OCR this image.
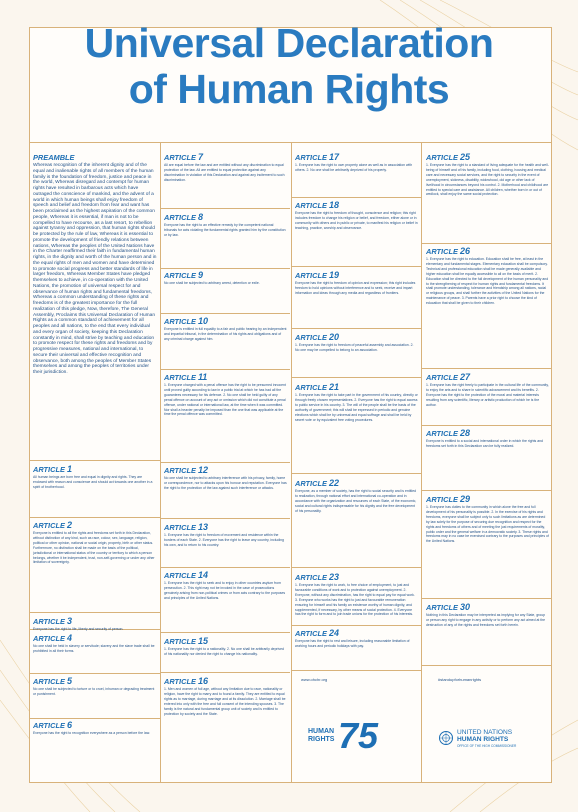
Universal Declaration
of Human Rights
PREAMBLE
Whereas recognition of the inherent dignity and of the equal and inalienable rights of all members of the human family is the foundation of freedom, justice and peace in the world, Whereas disregard and contempt for human rights have resulted in barbarous acts which have outraged the conscience of mankind, and the advent of a world in which human beings shall enjoy freedom of speech and belief and freedom from fear and want has been proclaimed as the highest aspiration of the common people, Whereas it is essential, if man is not to be compelled to have recourse, as a last resort, to rebellion against tyranny and oppression, that human rights should be protected by the rule of law, Whereas it is essential to promote the development of friendly relations between nations, Whereas the peoples of the United Nations have in the Charter reaffirmed their faith in fundamental human rights, in the dignity and worth of the human person and in the equal rights of men and women and have determined to promote social progress and better standards of life in larger freedom, Whereas Member States have pledged themselves to achieve, in co-operation with the United Nations, the promotion of universal respect for and observance of human rights and fundamental freedoms, Whereas a common understanding of these rights and freedoms is of the greatest importance for the full realization of this pledge, Now, therefore, The General Assembly, Proclaims this Universal Declaration of Human Rights as a common standard of achievement for all peoples and all nations, to the end that every individual and every organ of society, keeping this Declaration constantly in mind, shall strive by teaching and education to promote respect for these rights and freedoms and by progressive measures, national and international, to secure their universal and effective recognition and observance, both among the peoples of Member States themselves and among the peoples of territories under their jurisdiction.
ARTICLE 1
All human beings are born free and equal in dignity and rights. They are endowed with reason and conscience and should act towards one another in a spirit of brotherhood.
ARTICLE 2
Everyone is entitled to all the rights and freedoms set forth in this Declaration, without distinction of any kind, such as race, colour, sex, language, religion, political or other opinion, national or social origin, property, birth or other status. Furthermore, no distinction shall be made on the basis of the political, jurisdictional or international status of the country or territory to which a person belongs, whether it be independent, trust, non-self-governing or under any other limitation of sovereignty.
ARTICLE 3
Everyone has the right to life, liberty and security of person.
ARTICLE 4
No one shall be held in slavery or servitude; slavery and the slave trade shall be prohibited in all their forms.
ARTICLE 5
No one shall be subjected to torture or to cruel, inhuman or degrading treatment or punishment.
ARTICLE 6
Everyone has the right to recognition everywhere as a person before the law.
ARTICLE 7
All are equal before the law and are entitled without any discrimination to equal protection of the law. All are entitled to equal protection against any discrimination in violation of this Declaration and against any incitement to such discrimination.
ARTICLE 8
Everyone has the right to an effective remedy by the competent national tribunals for acts violating the fundamental rights granted him by the constitution or by law.
ARTICLE 9
No one shall be subjected to arbitrary arrest, detention or exile.
ARTICLE 10
Everyone is entitled in full equality to a fair and public hearing by an independent and impartial tribunal, in the determination of his rights and obligations and of any criminal charge against him.
ARTICLE 11
1. Everyone charged with a penal offence has the right to be presumed innocent until proved guilty according to law in a public trial at which he has had all the guarantees necessary for his defence. 2. No one shall be held guilty of any penal offence on account of any act or omission which did not constitute a penal offence, under national or international law, at the time when it was committed. Nor shall a heavier penalty be imposed than the one that was applicable at the time the penal offence was committed.
ARTICLE 12
No one shall be subjected to arbitrary interference with his privacy, family, home or correspondence, nor to attacks upon his honour and reputation. Everyone has the right to the protection of the law against such interference or attacks.
ARTICLE 13
1. Everyone has the right to freedom of movement and residence within the borders of each State. 2. Everyone has the right to leave any country, including his own, and to return to his country.
ARTICLE 14
1. Everyone has the right to seek and to enjoy in other countries asylum from persecution. 2. This right may not be invoked in the case of prosecutions genuinely arising from non-political crimes or from acts contrary to the purposes and principles of the United Nations.
ARTICLE 15
1. Everyone has the right to a nationality. 2. No one shall be arbitrarily deprived of his nationality nor denied the right to change his nationality.
ARTICLE 16
1. Men and women of full age, without any limitation due to race, nationality or religion, have the right to marry and to found a family. They are entitled to equal rights as to marriage, during marriage and at its dissolution. 2. Marriage shall be entered into only with the free and full consent of the intending spouses. 3. The family is the natural and fundamental group unit of society and is entitled to protection by society and the State.
ARTICLE 17
1. Everyone has the right to own property alone as well as in association with others. 2. No one shall be arbitrarily deprived of his property.
ARTICLE 18
Everyone has the right to freedom of thought, conscience and religion; this right includes freedom to change his religion or belief, and freedom, either alone or in community with others and in public or private, to manifest his religion or belief in teaching, practice, worship and observance.
ARTICLE 19
Everyone has the right to freedom of opinion and expression; this right includes freedom to hold opinions without interference and to seek, receive and impart information and ideas through any media and regardless of frontiers.
ARTICLE 20
1. Everyone has the right to freedom of peaceful assembly and association. 2. No one may be compelled to belong to an association.
ARTICLE 21
1. Everyone has the right to take part in the government of his country, directly or through freely chosen representatives. 2. Everyone has the right to equal access to public service in his country. 3. The will of the people shall be the basis of the authority of government; this will shall be expressed in periodic and genuine elections which shall be by universal and equal suffrage and shall be held by secret vote or by equivalent free voting procedures.
ARTICLE 22
Everyone, as a member of society, has the right to social security and is entitled to realization, through national effort and international co-operation and in accordance with the organization and resources of each State, of the economic, social and cultural rights indispensable for his dignity and the free development of his personality.
ARTICLE 23
1. Everyone has the right to work, to free choice of employment, to just and favourable conditions of work and to protection against unemployment. 2. Everyone, without any discrimination, has the right to equal pay for equal work. 3. Everyone who works has the right to just and favourable remuneration ensuring for himself and his family an existence worthy of human dignity, and supplemented, if necessary, by other means of social protection. 4. Everyone has the right to form and to join trade unions for the protection of his interests.
ARTICLE 24
Everyone has the right to rest and leisure, including reasonable limitation of working hours and periodic holidays with pay.
ARTICLE 25
1. Everyone has the right to a standard of living adequate for the health and well-being of himself and of his family, including food, clothing, housing and medical care and necessary social services, and the right to security in the event of unemployment, sickness, disability, widowhood, old age or other lack of livelihood in circumstances beyond his control. 2. Motherhood and childhood are entitled to special care and assistance. All children, whether born in or out of wedlock, shall enjoy the same social protection.
ARTICLE 26
1. Everyone has the right to education. Education shall be free, at least in the elementary and fundamental stages. Elementary education shall be compulsory. Technical and professional education shall be made generally available and higher education shall be equally accessible to all on the basis of merit. 2. Education shall be directed to the full development of the human personality and to the strengthening of respect for human rights and fundamental freedoms. It shall promote understanding, tolerance and friendship among all nations, racial or religious groups, and shall further the activities of the United Nations for the maintenance of peace. 3. Parents have a prior right to choose the kind of education that shall be given to their children.
ARTICLE 27
1. Everyone has the right freely to participate in the cultural life of the community, to enjoy the arts and to share in scientific advancement and its benefits. 2. Everyone has the right to the protection of the moral and material interests resulting from any scientific, literary or artistic production of which he is the author.
ARTICLE 28
Everyone is entitled to a social and international order in which the rights and freedoms set forth in this Declaration can be fully realized.
ARTICLE 29
1. Everyone has duties to the community in which alone the free and full development of his personality is possible. 2. In the exercise of his rights and freedoms, everyone shall be subject only to such limitations as are determined by law solely for the purpose of securing due recognition and respect for the rights and freedoms of others and of meeting the just requirements of morality, public order and the general welfare in a democratic society. 3. These rights and freedoms may in no case be exercised contrary to the purposes and principles of the United Nations.
ARTICLE 30
Nothing in this Declaration may be interpreted as implying for any State, group or person any right to engage in any activity or to perform any act aimed at the destruction of any of the rights and freedoms set forth herein.
www.ohchr.org	#standupforhumanrights
HUMAN
RIGHTS 75	UNITED NATIONS
HUMAN RIGHTS
OFFICE OF THE HIGH COMMISSIONER
